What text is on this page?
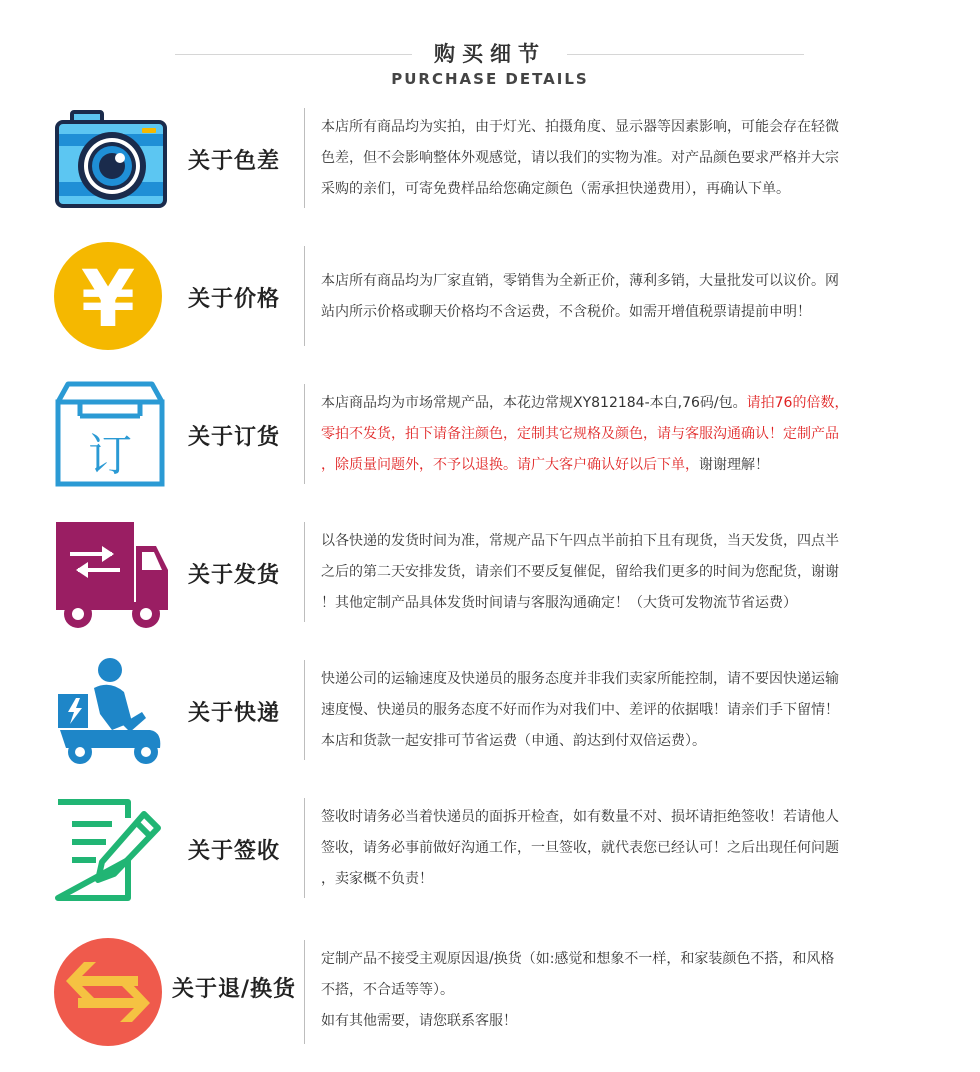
购买细节
PURCHASE DETAILS
关于色差

本店所有商品均为实拍，由于灯光、拍摄角度、显示器等因素影响，可能会存在轻微

色差，但不会影响整体外观感觉，请以我们的实物为准。对产品颜色要求严格并大宗

采购的亲们，可寄免费样品给您确定颜色（需承担快递费用），再确认下单。

¥	关于价格

本店所有商品均为厂家直销，零销售为全新正价，薄利多销，大量批发可以议价。网

站内所示价格或聊天价格均不含运费，不含税价。如需开增值税票请提前申明！

订	关于订货

本店商品均为市场常规产品，本花边常规XY812184-本白,76码/包。请拍76的倍数，

零拍不发货，拍下请备注颜色，定制其它规格及颜色，请与客服沟通确认！定制产品

，除质量问题外，不予以退换。请广大客户确认好以后下单，谢谢理解！

关于发货

以各快递的发货时间为准，常规产品下午四点半前拍下且有现货，当天发货，四点半

之后的第二天安排发货，请亲们不要反复催促，留给我们更多的时间为您配货，谢谢

！其他定制产品具体发货时间请与客服沟通确定！（大货可发物流节省运费）

关于快递

快递公司的运输速度及快递员的服务态度并非我们卖家所能控制，请不要因快递运输

速度慢、快递员的服务态度不好而作为对我们中、差评的依据哦！请亲们手下留情！

本店和货款一起安排可节省运费（申通、韵达到付双倍运费）。

关于签收

签收时请务必当着快递员的面拆开检查，如有数量不对、损坏请拒绝签收！若请他人

签收，请务必事前做好沟通工作，一旦签收，就代表您已经认可！之后出现任何问题

，卖家概不负责！

关于退/换货

定制产品不接受主观原因退/换货（如:感觉和想象不一样，和家装颜色不搭，和风格

不搭，不合适等等）。

如有其他需要，请您联系客服！
